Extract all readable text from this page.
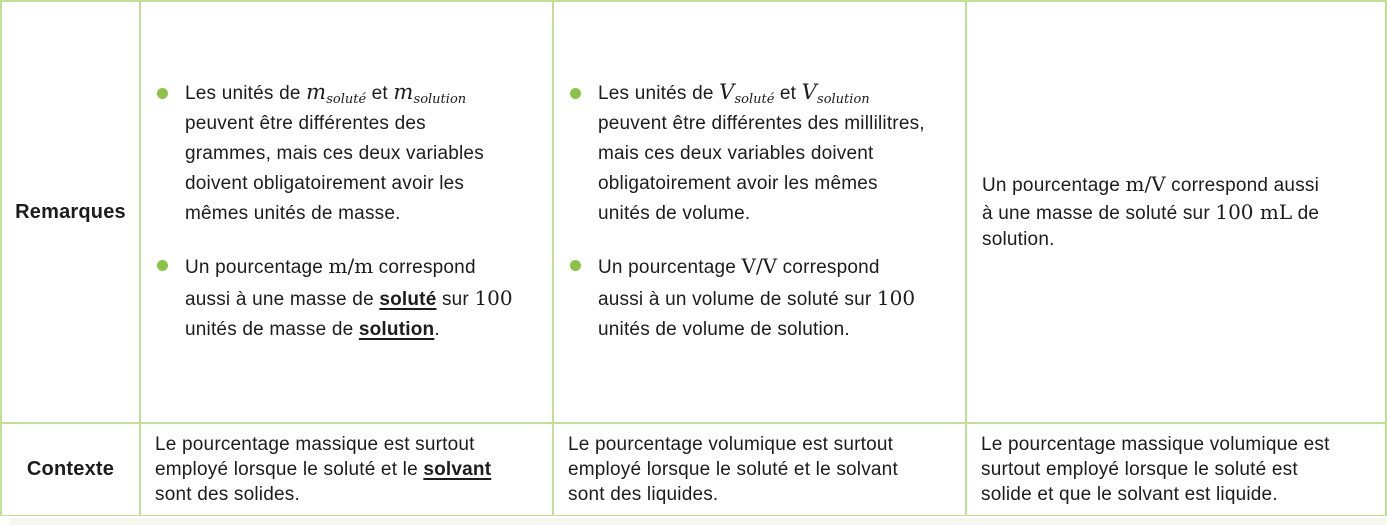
Remarques
Les unités de msoluté et msolution peuvent être différentes des grammes, mais ces deux variables doivent obligatoirement avoir les mêmes unités de masse.
Un pourcentage m/m correspond aussi à une masse de soluté sur 100 unités de masse de solution.
Les unités de Vsoluté et Vsolution peuvent être différentes des millilitres, mais ces deux variables doivent obligatoirement avoir les mêmes unités de volume.
Un pourcentage V/V correspond aussi à un volume de soluté sur 100 unités de volume de solution.
Un pourcentage m/V correspond aussi à une masse de soluté sur 100 mL de solution.
Contexte
Le pourcentage massique est surtout employé lorsque le soluté et le solvant sont des solides.
Le pourcentage volumique est surtout employé lorsque le soluté et le solvant sont des liquides.
Le pourcentage massique volumique est surtout employé lorsque le soluté est solide et que le solvant est liquide.
